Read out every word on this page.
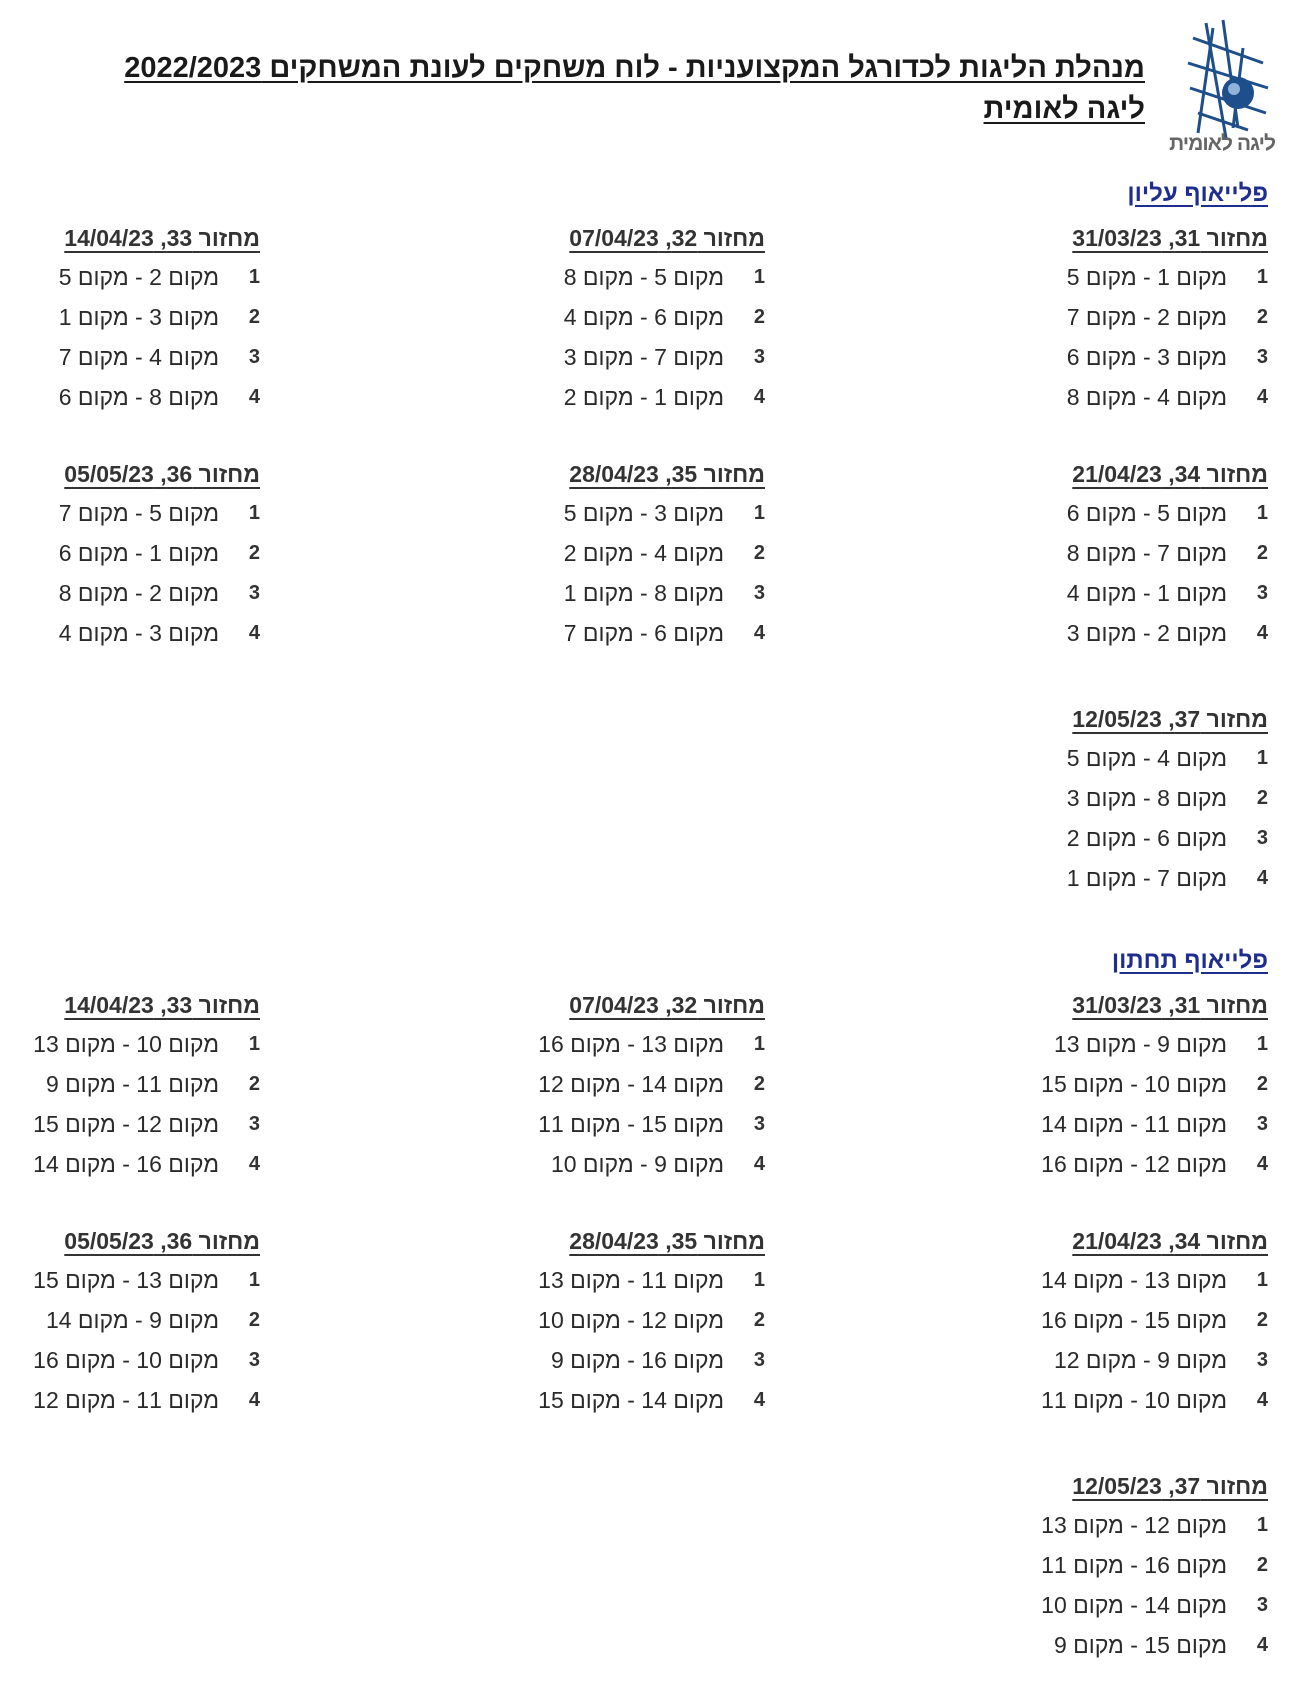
מנהלת הליגות לכדורגל המקצועניות - לוח משחקים לעונת המשחקים 2022/2023
ליגה לאומית
ליגה לאומית
פלייאוף עליון
מחזור 31, 31/03/23
1
מקום 1 - מקום 5
2
מקום 2 - מקום 7
3
מקום 3 - מקום 6
4
מקום 4 - מקום 8
מחזור 32, 07/04/23
1
מקום 5 - מקום 8
2
מקום 6 - מקום 4
3
מקום 7 - מקום 3
4
מקום 1 - מקום 2
מחזור 33, 14/04/23
1
מקום 2 - מקום 5
2
מקום 3 - מקום 1
3
מקום 4 - מקום 7
4
מקום 8 - מקום 6
מחזור 34, 21/04/23
1
מקום 5 - מקום 6
2
מקום 7 - מקום 8
3
מקום 1 - מקום 4
4
מקום 2 - מקום 3
מחזור 35, 28/04/23
1
מקום 3 - מקום 5
2
מקום 4 - מקום 2
3
מקום 8 - מקום 1
4
מקום 6 - מקום 7
מחזור 36, 05/05/23
1
מקום 5 - מקום 7
2
מקום 1 - מקום 6
3
מקום 2 - מקום 8
4
מקום 3 - מקום 4
מחזור 37, 12/05/23
1
מקום 4 - מקום 5
2
מקום 8 - מקום 3
3
מקום 6 - מקום 2
4
מקום 7 - מקום 1
פלייאוף תחתון
מחזור 31, 31/03/23
1
מקום 9 - מקום 13
2
מקום 10 - מקום 15
3
מקום 11 - מקום 14
4
מקום 12 - מקום 16
מחזור 32, 07/04/23
1
מקום 13 - מקום 16
2
מקום 14 - מקום 12
3
מקום 15 - מקום 11
4
מקום 9 - מקום 10
מחזור 33, 14/04/23
1
מקום 10 - מקום 13
2
מקום 11 - מקום 9
3
מקום 12 - מקום 15
4
מקום 16 - מקום 14
מחזור 34, 21/04/23
1
מקום 13 - מקום 14
2
מקום 15 - מקום 16
3
מקום 9 - מקום 12
4
מקום 10 - מקום 11
מחזור 35, 28/04/23
1
מקום 11 - מקום 13
2
מקום 12 - מקום 10
3
מקום 16 - מקום 9
4
מקום 14 - מקום 15
מחזור 36, 05/05/23
1
מקום 13 - מקום 15
2
מקום 9 - מקום 14
3
מקום 10 - מקום 16
4
מקום 11 - מקום 12
מחזור 37, 12/05/23
1
מקום 12 - מקום 13
2
מקום 16 - מקום 11
3
מקום 14 - מקום 10
4
מקום 15 - מקום 9
